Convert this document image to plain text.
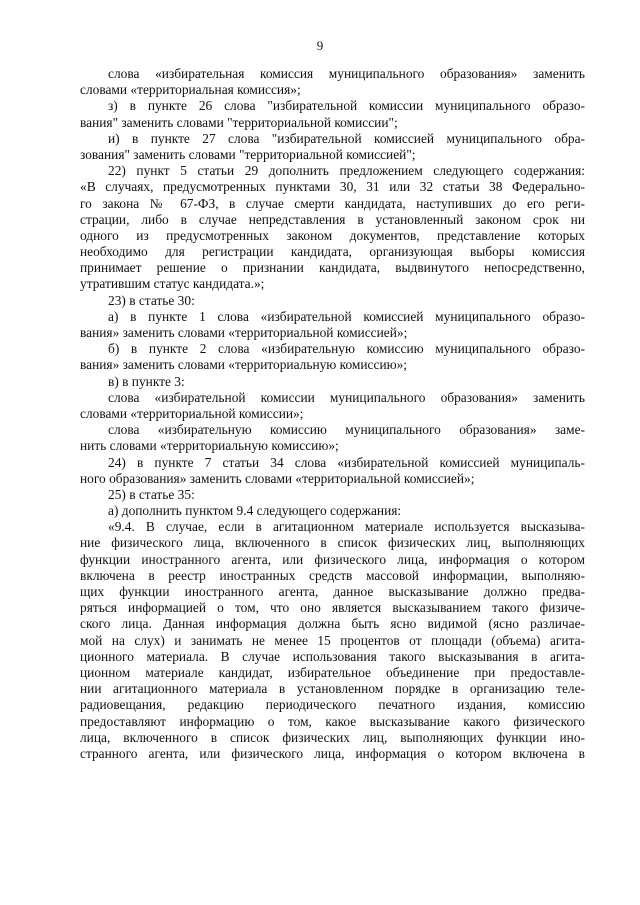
9
слова «избирательная комиссия муниципального образования» заменить
словами «территориальная комиссия»;
з) в пункте 26 слова "избирательной комиссии муниципального образо-
вания" заменить словами "территориальной комиссии";
и) в пункте 27 слова "избирательной комиссией муниципального обра-
зования" заменить словами "территориальной комиссией";
22) пункт 5 статьи 29 дополнить предложением следующего содержания:
«В случаях, предусмотренных пунктами 30, 31 или 32 статьи 38 Федерально-
го закона № 67-ФЗ, в случае смерти кандидата, наступивших до его реги-
страции, либо в случае непредставления в установленный законом срок ни
одного из предусмотренных законом документов, представление которых
необходимо для регистрации кандидата, организующая выборы комиссия
принимает решение о признании кандидата, выдвинутого непосредственно,
утратившим статус кандидата.»;
23) в статье 30:
а) в пункте 1 слова «избирательной комиссией муниципального образо-
вания» заменить словами «территориальной комиссией»;
б) в пункте 2 слова «избирательную комиссию муниципального образо-
вания» заменить словами «территориальную комиссию»;
в) в пункте 3:
слова «избирательной комиссии муниципального образования» заменить
словами «территориальной комиссии»;
слова «избирательную комиссию муниципального образования» заме-
нить словами «территориальную комиссию»;
24) в пункте 7 статьи 34 слова «избирательной комиссией муниципаль-
ного образования» заменить словами «территориальной комиссией»;
25) в статье 35:
а) дополнить пунктом 9.4 следующего содержания:
«9.4. В случае, если в агитационном материале используется высказыва-
ние физического лица, включенного в список физических лиц, выполняющих
функции иностранного агента, или физического лица, информация о котором
включена в реестр иностранных средств массовой информации, выполняю-
щих функции иностранного агента, данное высказывание должно предва-
ряться информацией о том, что оно является высказыванием такого физиче-
ского лица. Данная информация должна быть ясно видимой (ясно различае-
мой на слух) и занимать не менее 15 процентов от площади (объема) агита-
ционного материала. В случае использования такого высказывания в агита-
ционном материале кандидат, избирательное объединение при предоставле-
нии агитационного материала в установленном порядке в организацию теле-
радиовещания, редакцию периодического печатного издания, комиссию
предоставляют информацию о том, какое высказывание какого физического
лица, включенного в список физических лиц, выполняющих функции ино-
странного агента, или физического лица, информация о котором включена в
